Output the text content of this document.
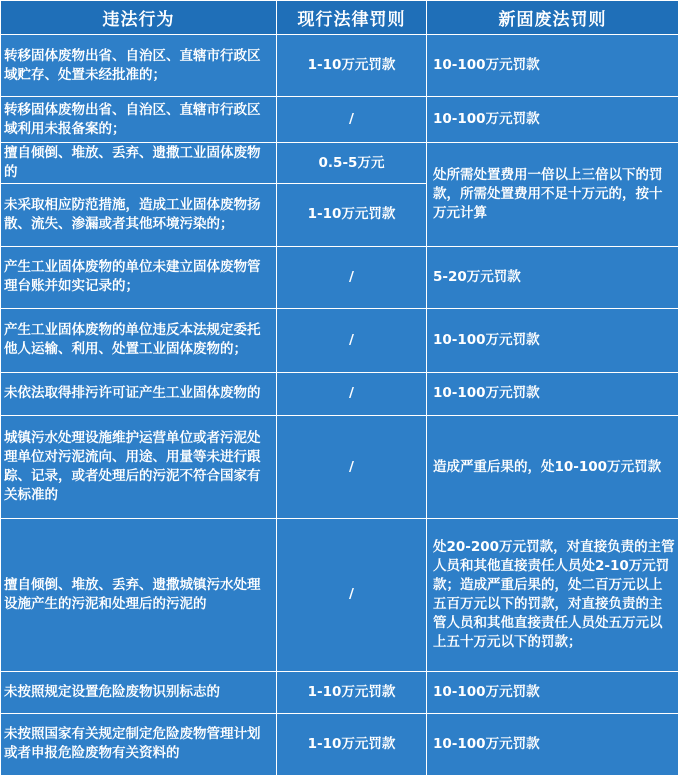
违法行为	现行法律罚则	新固废法罚则
转移固体废物出省、自治区、直辖市行政区域贮存、处置未经批准的；	1-10万元罚款	10-100万元罚款
转移固体废物出省、自治区、直辖市行政区域利用未报备案的；	/	10-100万元罚款
擅自倾倒、堆放、丢弃、遗撒工业固体废物的	0.5-5万元	处所需处置费用一倍以上三倍以下的罚款，所需处置费用不足十万元的，按十万元计算
未采取相应防范措施，造成工业固体废物扬散、流失、渗漏或者其他环境污染的；	1-10万元罚款	
产生工业固体废物的单位未建立固体废物管理台账并如实记录的；	/	5-20万元罚款
产生工业固体废物的单位违反本法规定委托他人运输、利用、处置工业固体废物的；	/	10-100万元罚款
未依法取得排污许可证产生工业固体废物的	/	10-100万元罚款
城镇污水处理设施维护运营单位或者污泥处理单位对污泥流向、用途、用量等未进行跟踪、记录，或者处理后的污泥不符合国家有关标准的	/	造成严重后果的，处10-100万元罚款
擅自倾倒、堆放、丢弃、遗撒城镇污水处理设施产生的污泥和处理后的污泥的	/	处20-200万元罚款，对直接负责的主管人员和其他直接责任人员处2-10万元罚款；造成严重后果的，处二百万元以上五百万元以下的罚款，对直接负责的主管人员和其他直接责任人员处五万元以上五十万元以下的罚款；
未按照规定设置危险废物识别标志的	1-10万元罚款	10-100万元罚款
未按照国家有关规定制定危险废物管理计划或者申报危险废物有关资料的	1-10万元罚款	10-100万元罚款
